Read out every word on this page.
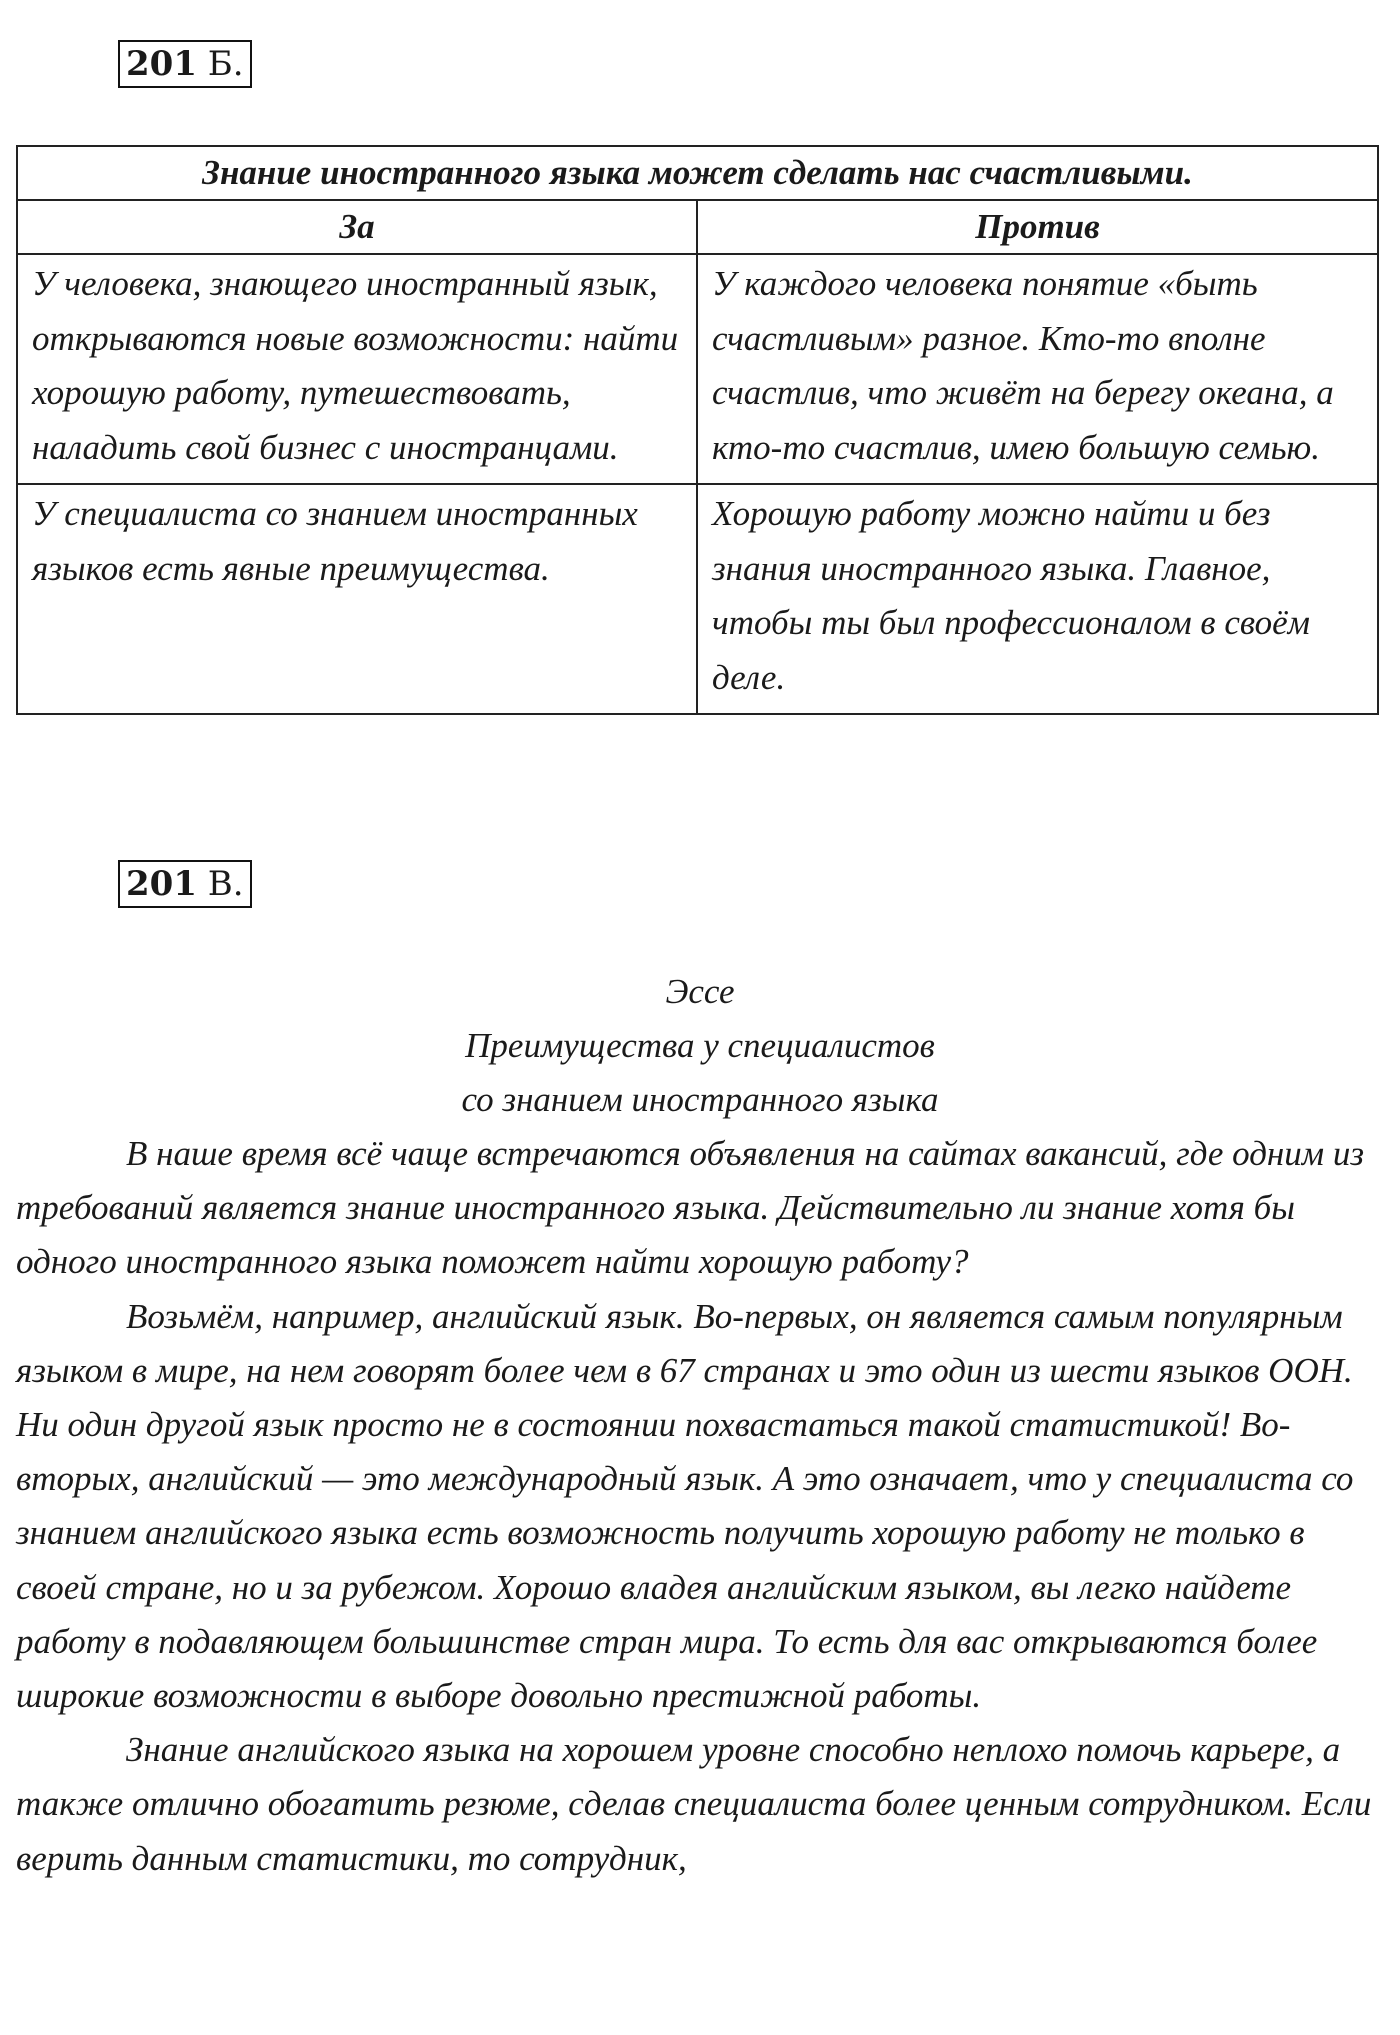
201 Б.
Знание иностранного языка может сделать нас счастливыми.	
За	Против
У человека, знающего иностранный язык, открываются новые возможности: найти хорошую работу, путешествовать, наладить свой бизнес с иностранцами.	У каждого человека понятие «быть счастливым» разное. Кто-то вполне счастлив, что живёт на берегу океана, а кто-то счастлив, имею большую семью.
У специалиста со знанием иностранных языков есть явные преимущества.	Хорошую работу можно найти и без знания иностранного языка. Главное, чтобы ты был профессионалом в своём деле.
201 В.
Эссе
Преимущества у специалистов
со знанием иностранного языка

В наше время всё чаще встречаются объявления на сайтах вакансий, где одним из требований является знание иностранного языка. Действительно ли знание хотя бы одного иностранного языка поможет найти хорошую работу?

Возьмём, например, английский язык. Во-первых, он является самым популярным языком в мире, на нем говорят более чем в 67 странах и это один из шести языков ООН. Ни один другой язык просто не в состоянии похвастаться такой статистикой! Во-вторых, английский — это международный язык. А это означает, что у специалиста со знанием английского языка есть возможность получить хорошую работу не только в своей стране, но и за рубежом. Хорошо владея английским языком, вы легко найдете работу в подавляющем большинстве стран мира. То есть для вас открываются более широкие возможности в выборе довольно престижной работы.

Знание английского языка на хорошем уровне способно неплохо помочь карьере, а также отлично обогатить резюме, сделав специалиста более ценным сотрудником. Если верить данным статистики, то сотрудник,
